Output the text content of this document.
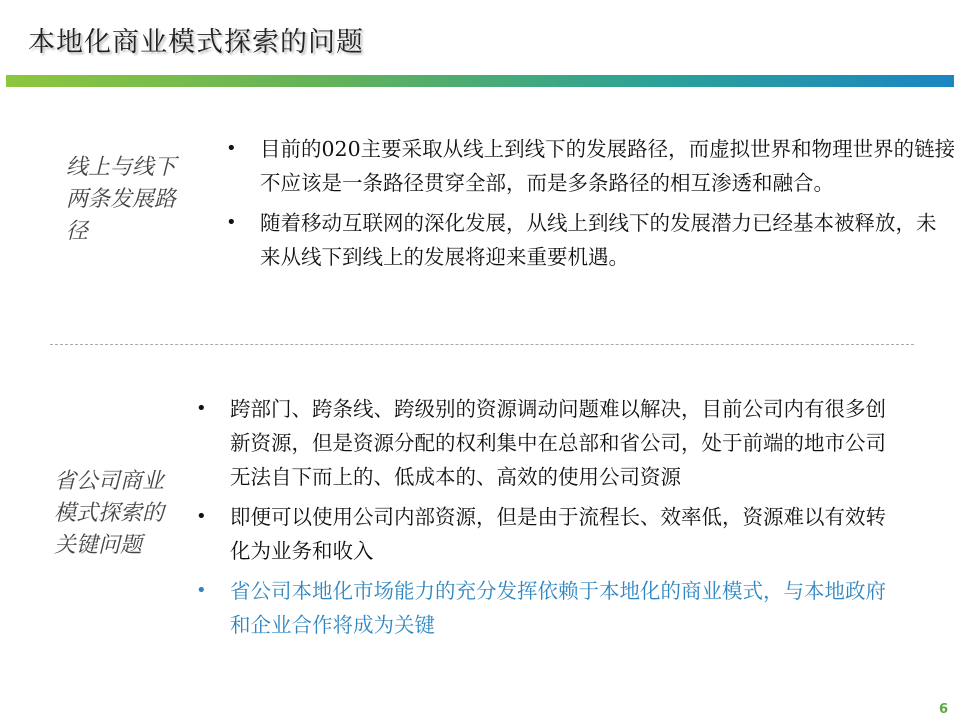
本地化商业模式探索的问题
线上与线下两条发展路径
• 目前的020主要采取从线上到线下的发展路径，而虚拟世界和物理世界的链接不应该是一条路径贯穿全部，而是多条路径的相互渗透和融合。
• 随着移动互联网的深化发展，从线上到线下的发展潜力已经基本被释放，未来从线下到线上的发展将迎来重要机遇。
省公司商业模式探索的关键问题
• 跨部门、跨条线、跨级别的资源调动问题难以解决，目前公司内有很多创新资源，但是资源分配的权利集中在总部和省公司，处于前端的地市公司无法自下而上的、低成本的、高效的使用公司资源
• 即便可以使用公司内部资源，但是由于流程长、效率低，资源难以有效转化为业务和收入
• 省公司本地化市场能力的充分发挥依赖于本地化的商业模式，与本地政府和企业合作将成为关键
6
